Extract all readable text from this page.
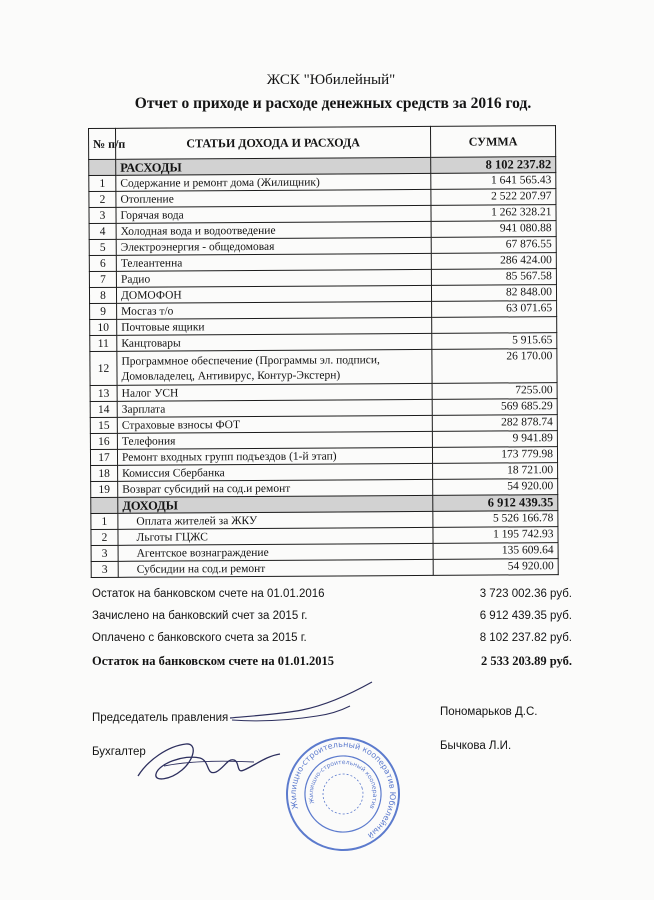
ЖСК "Юбилейный"
Отчет о приходе и расходе денежных средств за 2016 год.
№ п/п	СТАТЬИ ДОХОДА И РАСХОДА	СУММА
	РАСХОДЫ	8 102 237.82
1	Содержание и ремонт дома (Жилищник)	1 641 565.43
2	Отопление	2 522 207.97
3	Горячая вода	1 262 328.21
4	Холодная вода и водоотведение	941 080.88
5	Электроэнергия - общедомовая	67 876.55
6	Телеантенна	286 424.00
7	Радио	85 567.58
8	ДОМОФОН	82 848.00
9	Мосгаз т/о	63 071.65
10	Почтовые ящики	
11	Канцтовары	5 915.65
12	Программное обеспечение (Программы эл. подписи, Домовладелец, Антивирус, Контур-Экстерн)	26 170.00
13	Налог УСН	7255.00
14	Зарплата	569 685.29
15	Страховые взносы ФОТ	282 878.74
16	Телефония	9 941.89
17	Ремонт входных групп подъездов (1-й этап)	173 779.98
18	Комиссия Сбербанка	18 721.00
19	Возврат субсидий на сод.и ремонт	54 920.00
	ДОХОДЫ	6 912 439.35
1	Оплата жителей за ЖКУ	5 526 166.78
2	Льготы ГЦЖС	1 195 742.93
3	Агентское вознаграждение	135 609.64
3	Субсидии на сод.и ремонт	54 920.00
Остаток на банковском счете на 01.01.2016	3 723 002.36 руб.
Зачислено на банковский счет за 2015 г.	6 912 439.35 руб.
Оплачено с банковского счета за 2015 г.	8 102 237.82 руб.
Остаток на банковском счете на 01.01.2015	2 533 203.89 руб.
Председатель правления	Пономарьков Д.С.
Бухгалтер	Бычкова Л.И.
Жилищно-строительный кооператив Юбилейный
Жилищно-строительный кооператив
